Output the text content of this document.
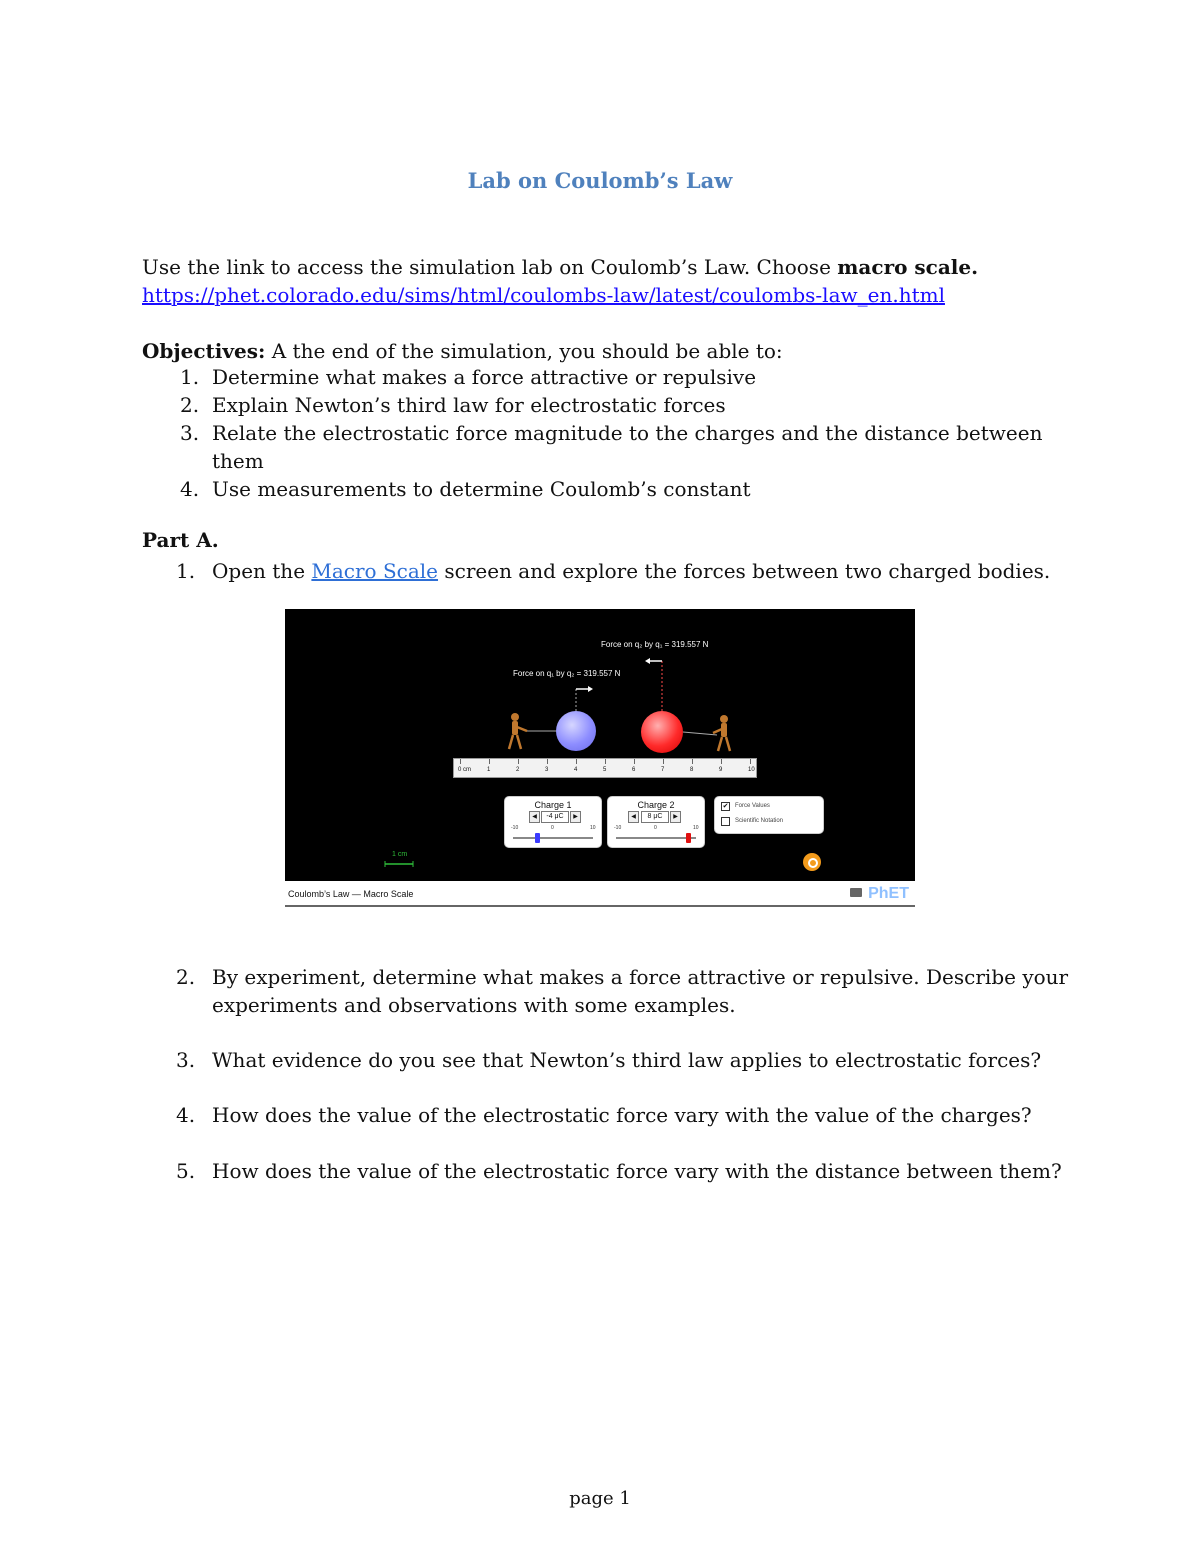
Lab on Coulomb’s Law
Use the link to access the simulation lab on Coulomb’s Law. Choose macro scale.
https://phet.colorado.edu/sims/html/coulombs-law/latest/coulombs-law_en.html
Objectives: A the end of the simulation, you should be able to:
1. Determine what makes a force attractive or repulsive
2. Explain Newton’s third law for electrostatic forces
3. Relate the electrostatic force magnitude to the charges and the distance between them
4. Use measurements to determine Coulomb’s constant
Part A.
1. Open the Macro Scale screen and explore the forces between two charged bodies.
Force on q₂ by q₁ = 319.557 N
Force on q₁ by q₂ = 319.557 N
0 cm	1	2	3	4	5	6	7	8	9	10
Charge 1
◀	-4 μC	▶
-10	0	10
Charge 2
◀	8 μC	▶
-10	0	10
✔ Force Values
Scientific Notation
1 cm
Coulomb’s Law — Macro Scale	PhET
2. By experiment, determine what makes a force attractive or repulsive. Describe your experiments and observations with some examples.
3. What evidence do you see that Newton’s third law applies to electrostatic forces?
4. How does the value of the electrostatic force vary with the value of the charges?
5. How does the value of the electrostatic force vary with the distance between them?
page 1
